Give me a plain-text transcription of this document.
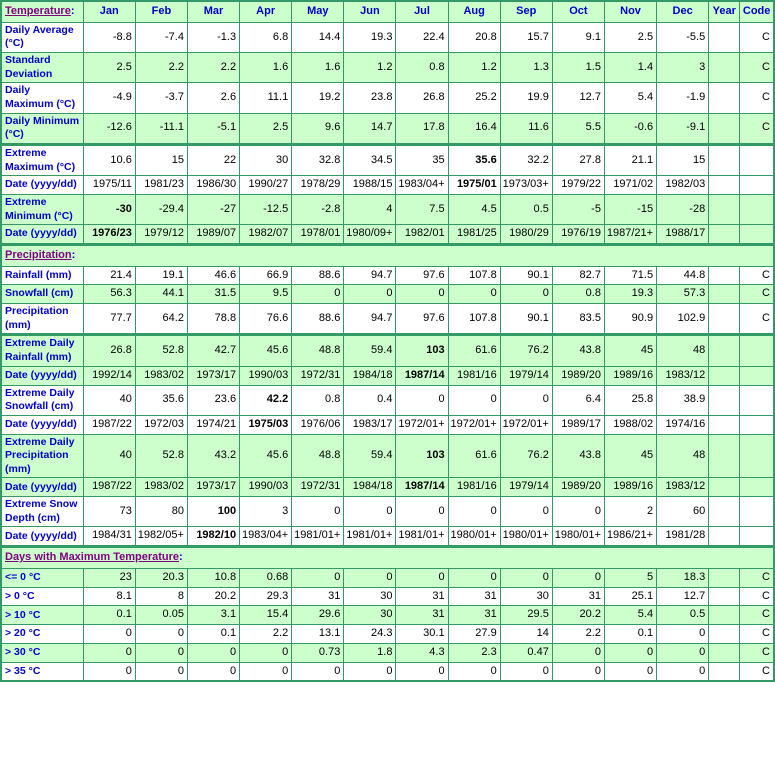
Temperature:	Jan	Feb	Mar	Apr	May	Jun	Jul	Aug	Sep	Oct	Nov	Dec	Year	Code
Daily Average (°C)	-8.8	-7.4	-1.3	6.8	14.4	19.3	22.4	20.8	15.7	9.1	2.5	-5.5		C
Standard Deviation	2.5	2.2	2.2	1.6	1.6	1.2	0.8	1.2	1.3	1.5	1.4	3		C
Daily Maximum (°C)	-4.9	-3.7	2.6	11.1	19.2	23.8	26.8	25.2	19.9	12.7	5.4	-1.9		C
Daily Minimum (°C)	-12.6	-11.1	-5.1	2.5	9.6	14.7	17.8	16.4	11.6	5.5	-0.6	-9.1		C
Extreme Maximum (°C)	10.6	15	22	30	32.8	34.5	35	35.6	32.2	27.8	21.1	15		
Date (yyyy/dd)	1975/11	1981/23	1986/30	1990/27	1978/29	1988/15	1983/04+	1975/01	1973/03+	1979/22	1971/02	1982/03		
Extreme Minimum (°C)	-30	-29.4	-27	-12.5	-2.8	4	7.5	4.5	0.5	-5	-15	-28		
Date (yyyy/dd)	1976/23	1979/12	1989/07	1982/07	1978/01	1980/09+	1982/01	1981/25	1980/29	1976/19	1987/21+	1988/17		
Precipitation:														
Rainfall (mm)	21.4	19.1	46.6	66.9	88.6	94.7	97.6	107.8	90.1	82.7	71.5	44.8		C
Snowfall (cm)	56.3	44.1	31.5	9.5	0	0	0	0	0	0.8	19.3	57.3		C
Precipitation (mm)	77.7	64.2	78.8	76.6	88.6	94.7	97.6	107.8	90.1	83.5	90.9	102.9		C
Extreme Daily Rainfall (mm)	26.8	52.8	42.7	45.6	48.8	59.4	103	61.6	76.2	43.8	45	48		
Date (yyyy/dd)	1992/14	1983/02	1973/17	1990/03	1972/31	1984/18	1987/14	1981/16	1979/14	1989/20	1989/16	1983/12		
Extreme Daily Snowfall (cm)	40	35.6	23.6	42.2	0.8	0.4	0	0	0	6.4	25.8	38.9		
Date (yyyy/dd)	1987/22	1972/03	1974/21	1975/03	1976/06	1983/17	1972/01+	1972/01+	1972/01+	1989/17	1988/02	1974/16		
Extreme Daily Precipitation (mm)	40	52.8	43.2	45.6	48.8	59.4	103	61.6	76.2	43.8	45	48		
Date (yyyy/dd)	1987/22	1983/02	1973/17	1990/03	1972/31	1984/18	1987/14	1981/16	1979/14	1989/20	1989/16	1983/12		
Extreme Snow Depth (cm)	73	80	100	3	0	0	0	0	0	0	2	60		
Date (yyyy/dd)	1984/31	1982/05+	1982/10	1983/04+	1981/01+	1981/01+	1981/01+	1980/01+	1980/01+	1980/01+	1986/21+	1981/28		
Days with Maximum Temperature:														
<= 0 °C	23	20.3	10.8	0.68	0	0	0	0	0	0	5	18.3		C
> 0 °C	8.1	8	20.2	29.3	31	30	31	31	30	31	25.1	12.7		C
> 10 °C	0.1	0.05	3.1	15.4	29.6	30	31	31	29.5	20.2	5.4	0.5		C
> 20 °C	0	0	0.1	2.2	13.1	24.3	30.1	27.9	14	2.2	0.1	0		C
> 30 °C	0	0	0	0	0.73	1.8	4.3	2.3	0.47	0	0	0		C
> 35 °C	0	0	0	0	0	0	0	0	0	0	0	0		C
